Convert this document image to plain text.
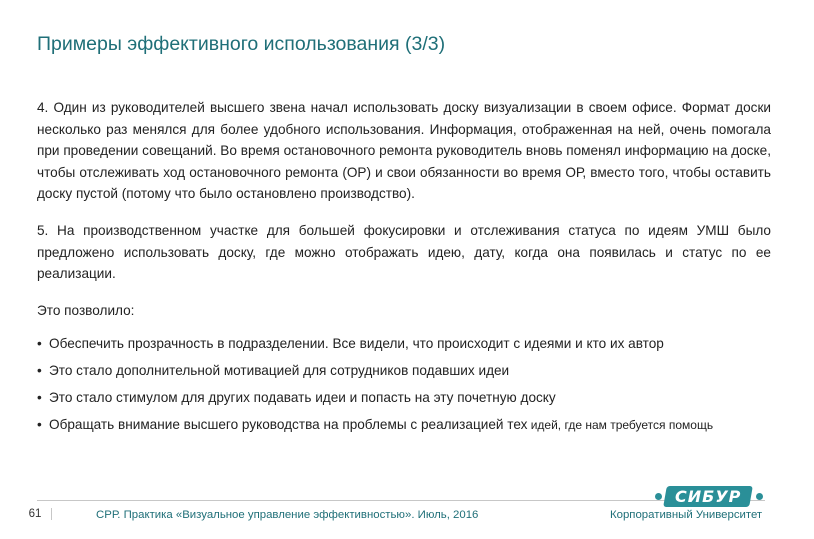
Примеры эффективного использования (3/3)

4. Один из руководителей высшего звена начал использовать доску визуализации в своем офисе. Формат доски несколько раз менялся для более удобного использования. Информация, отображенная на ней, очень помогала при проведении совещаний. Во время остановочного ремонта руководитель вновь поменял информацию на доске, чтобы отслеживать ход остановочного ремонта (ОР) и свои обязанности во время ОР, вместо того, чтобы оставить доску пустой (потому что было остановлено производство).

5. На производственном участке для большей фокусировки и отслеживания статуса по идеям УМШ было предложено использовать доску, где можно отображать идею, дату, когда она появилась и статус по ее реализации.

Это позволило:

• Обеспечить прозрачность в подразделении. Все видели, что происходит с идеями и кто их автор
• Это стало дополнительной мотивацией для сотрудников подавших идеи
• Это стало стимулом для других подавать идеи и попасть на эту почетную доску
• Обращать внимание высшего руководства на проблемы с реализацией тех идей, где нам требуется помощь
СИБУР
61	СРР. Практика «Визуальное управление эффективностью». Июль, 2016	Корпоративный Университет
